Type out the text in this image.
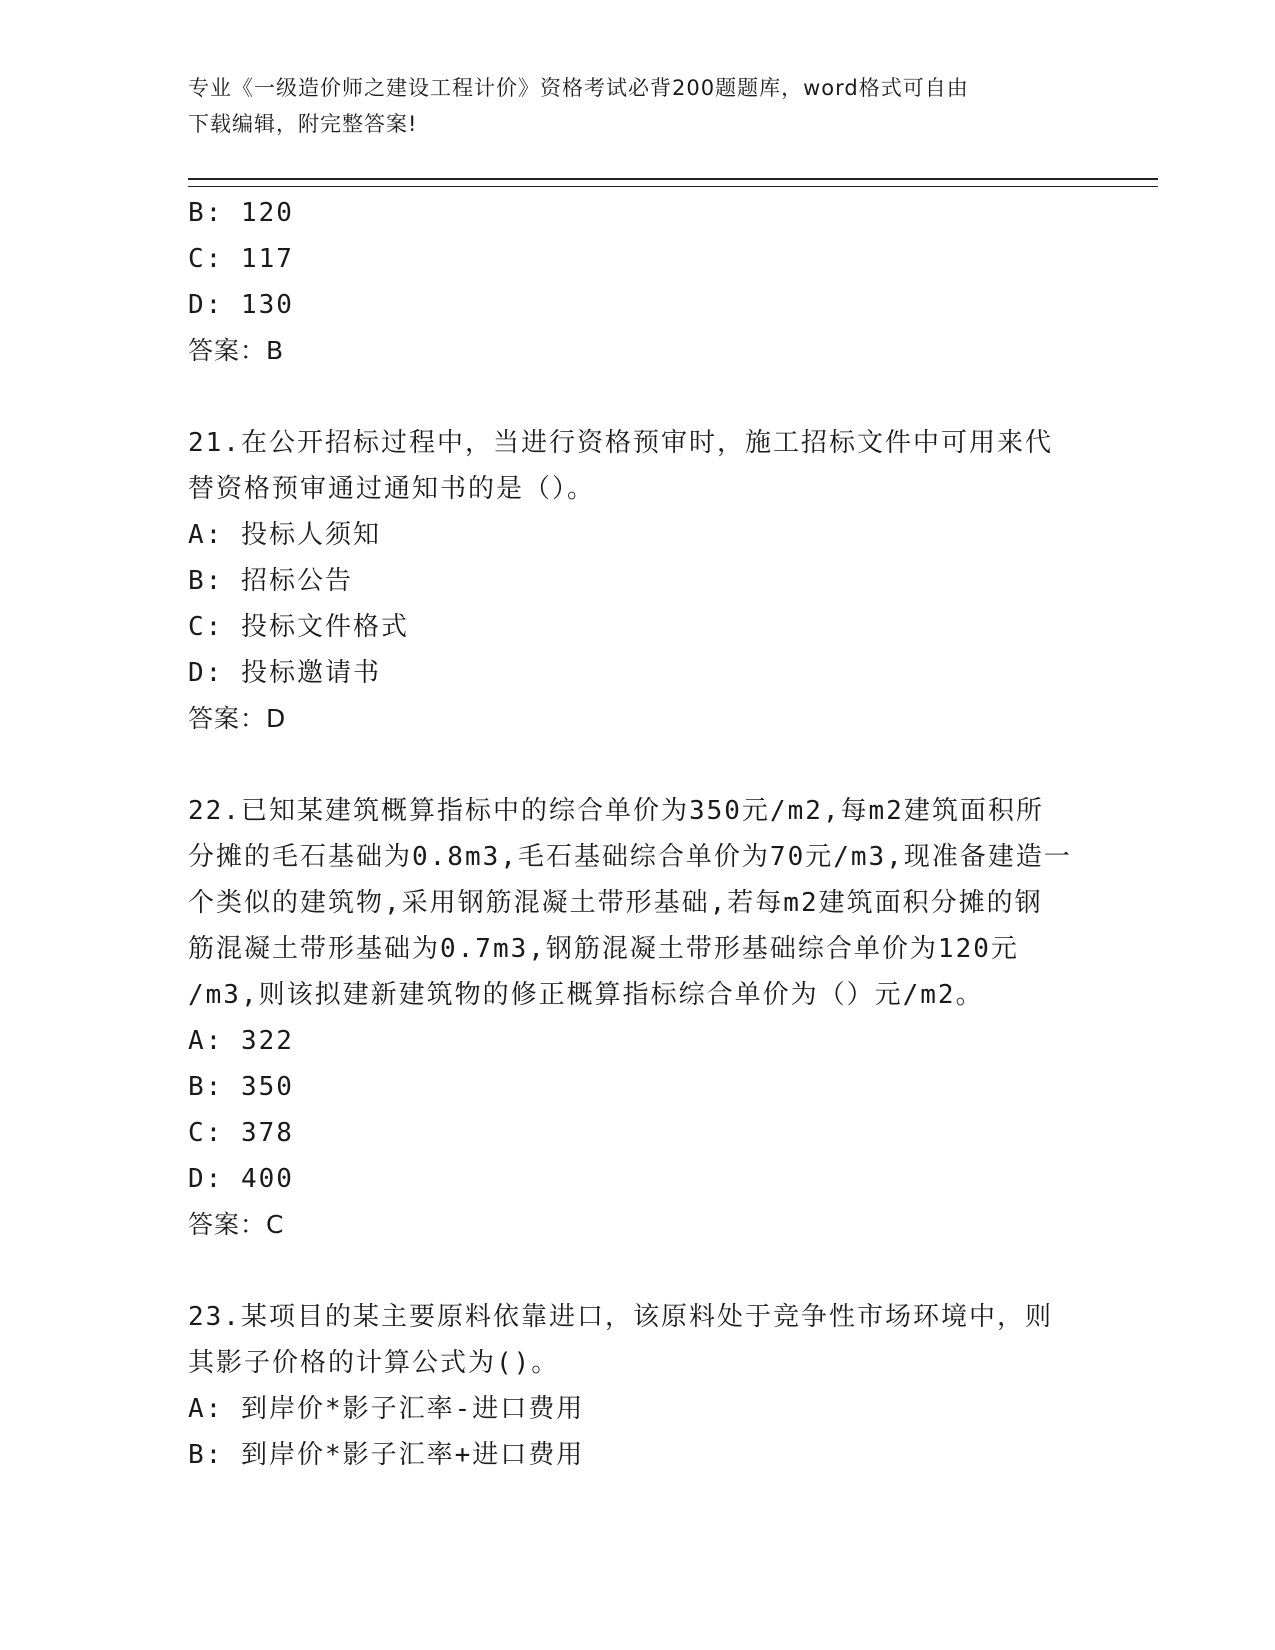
专业《一级造价师之建设工程计价》资格考试必背200题题库，word格式可自由
下载编辑，附完整答案!
B: 120
C: 117
D: 130
答案：B
21.在公开招标过程中，当进行资格预审时，施工招标文件中可用来代
替资格预审通过通知书的是（）。
A: 投标人须知
B: 招标公告
C: 投标文件格式
D: 投标邀请书
答案：D
22.已知某建筑概算指标中的综合单价为350元/m2,每m2建筑面积所
分摊的毛石基础为0.8m3,毛石基础综合单价为70元/m3,现准备建造一
个类似的建筑物,采用钢筋混凝土带形基础,若每m2建筑面积分摊的钢
筋混凝土带形基础为0.7m3,钢筋混凝土带形基础综合单价为120元
/m3,则该拟建新建筑物的修正概算指标综合单价为（）元/m2。
A: 322
B: 350
C: 378
D: 400
答案：C
23.某项目的某主要原料依靠进口，该原料处于竞争性市场环境中，则
其影子价格的计算公式为()。
A: 到岸价*影子汇率-进口费用
B: 到岸价*影子汇率+进口费用
